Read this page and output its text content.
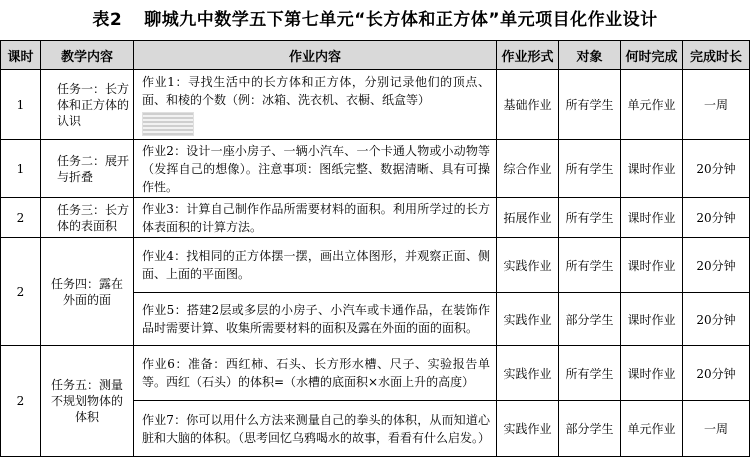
表2 聊城九中数学五下第七单元“长方体和正方体”单元项目化作业设计
课时	教学内容	作业内容	作业形式	对象	何时完成	完成时长
1	任务一：长方体和正方体的认识	作业1：寻找生活中的长方体和正方体，分别记录他们的顶点、面、和棱的个数（例：冰箱、洗衣机、衣橱、纸盒等）	基础作业	所有学生	单元作业	一周
1	任务二：展开与折叠	作业2：设计一座小房子、一辆小汽车、一个卡通人物或小动物等（发挥自己的想像）。注意事项：图纸完整、数据清晰、具有可操作性。	综合作业	所有学生	课时作业	20分钟
2	任务三：长方体的表面积	作业3：计算自己制作作品所需要材料的面积。利用所学过的长方体表面积的计算方法。	拓展作业	所有学生	课时作业	20分钟
2	任务四：露在外面的面	作业4：找相同的正方体摆一摆，画出立体图形，并观察正面、侧面、上面的平面图。	实践作业	所有学生	课时作业	20分钟
		作业5：搭建2层或多层的小房子、小汽车或卡通作品，在装饰作品时需要计算、收集所需要材料的面积及露在外面的面的面积。	实践作业	部分学生	课时作业	20分钟
2	任务五：测量不规划物体的体积	作业6：准备：西红柿、石头、长方形水槽、尺子、实验报告单等。西红（石头）的体积=（水槽的底面积×水面上升的高度）	实践作业	所有学生	课时作业	20分钟
		作业7：你可以用什么方法来测量自己的拳头的体积，从而知道心脏和大脑的体积。（思考回忆乌鸦喝水的故事，看看有什么启发。）	实践作业	部分学生	单元作业	一周
